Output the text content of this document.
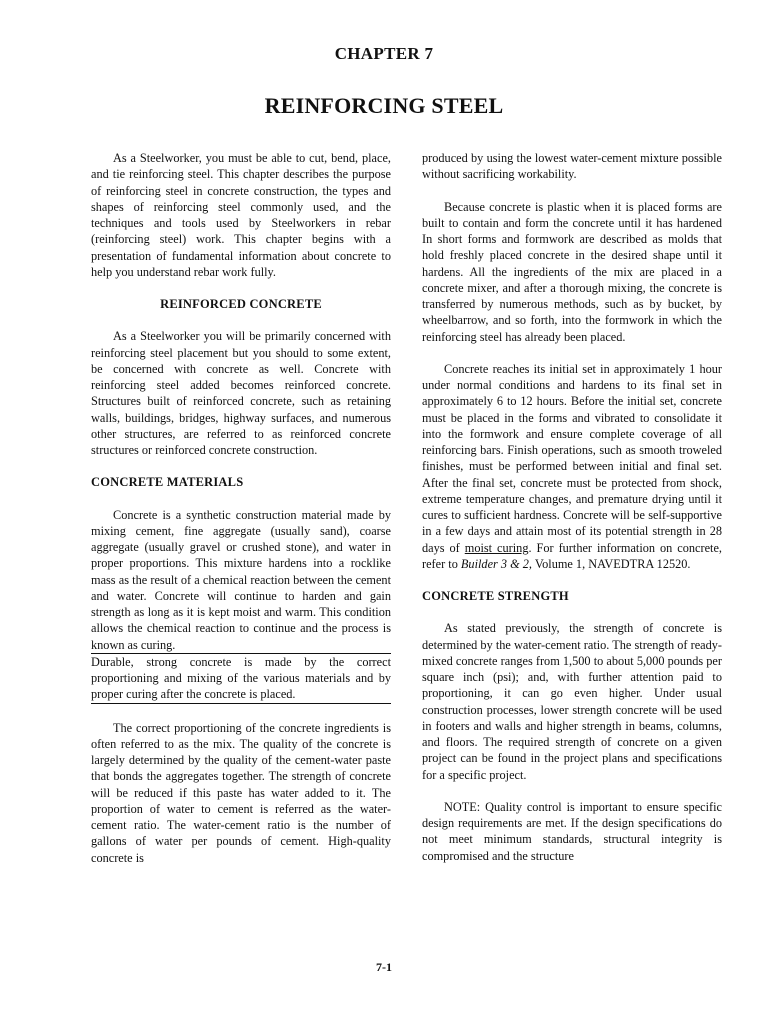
CHAPTER 7
REINFORCING STEEL

As a Steelworker, you must be able to cut, bend, place, and tie reinforcing steel. This chapter describes the purpose of reinforcing steel in concrete construction, the types and shapes of reinforcing steel commonly used, and the techniques and tools used by Steelworkers in rebar (reinforcing steel) work. This chapter begins with a presentation of fundamental information about concrete to help you understand rebar work fully.

REINFORCED CONCRETE

As a Steelworker you will be primarily concerned with reinforcing steel placement but you should to some extent, be concerned with concrete as well. Concrete with reinforcing steel added becomes reinforced concrete. Structures built of reinforced concrete, such as retaining walls, buildings, bridges, highway surfaces, and numerous other structures, are referred to as reinforced concrete structures or reinforced concrete construction.

CONCRETE MATERIALS

Concrete is a synthetic construction material made by mixing cement, fine aggregate (usually sand), coarse aggregate (usually gravel or crushed stone), and water in proper proportions. This mixture hardens into a rocklike mass as the result of a chemical reaction between the cement and water. Concrete will continue to harden and gain strength as long as it is kept moist and warm. This condition allows the chemical reaction to continue and the process is known as curing.
Durable, strong concrete is made by the correct proportioning and mixing of the various materials and by proper curing after the concrete is placed.

The correct proportioning of the concrete ingredients is often referred to as the mix. The quality of the concrete is largely determined by the quality of the cement-water paste that bonds the aggregates together. The strength of concrete will be reduced if this paste has water added to it. The proportion of water to cement is referred as the water-cement ratio. The water-cement ratio is the number of gallons of water per pounds of cement. High-quality concrete is

produced by using the lowest water-cement mixture possible without sacrificing workability.

Because concrete is plastic when it is placed forms are built to contain and form the concrete until it has hardened In short forms and formwork are described as molds that hold freshly placed concrete in the desired shape until it hardens. All the ingredients of the mix are placed in a concrete mixer, and after a thorough mixing, the concrete is transferred by numerous methods, such as by bucket, by wheelbarrow, and so forth, into the formwork in which the reinforcing steel has already been placed.

Concrete reaches its initial set in approximately 1 hour under normal conditions and hardens to its final set in approximately 6 to 12 hours. Before the initial set, concrete must be placed in the forms and vibrated to consolidate it into the formwork and ensure complete coverage of all reinforcing bars. Finish operations, such as smooth troweled finishes, must be performed between initial and final set. After the final set, concrete must be protected from shock, extreme temperature changes, and premature drying until it cures to sufficient hardness. Concrete will be self-supportive in a few days and attain most of its potential strength in 28 days of moist curing. For further information on concrete, refer to Builder 3 & 2, Volume 1, NAVEDTRA 12520.

CONCRETE STRENGTH

As stated previously, the strength of concrete is determined by the water-cement ratio. The strength of ready-mixed concrete ranges from 1,500 to about 5,000 pounds per square inch (psi); and, with further attention paid to proportioning, it can go even higher. Under usual construction processes, lower strength concrete will be used in footers and walls and higher strength in beams, columns, and floors. The required strength of concrete on a given project can be found in the project plans and specifications for a specific project.

NOTE: Quality control is important to ensure specific design requirements are met. If the design specifications do not meet minimum standards, structural integrity is compromised and the structure

7-1
